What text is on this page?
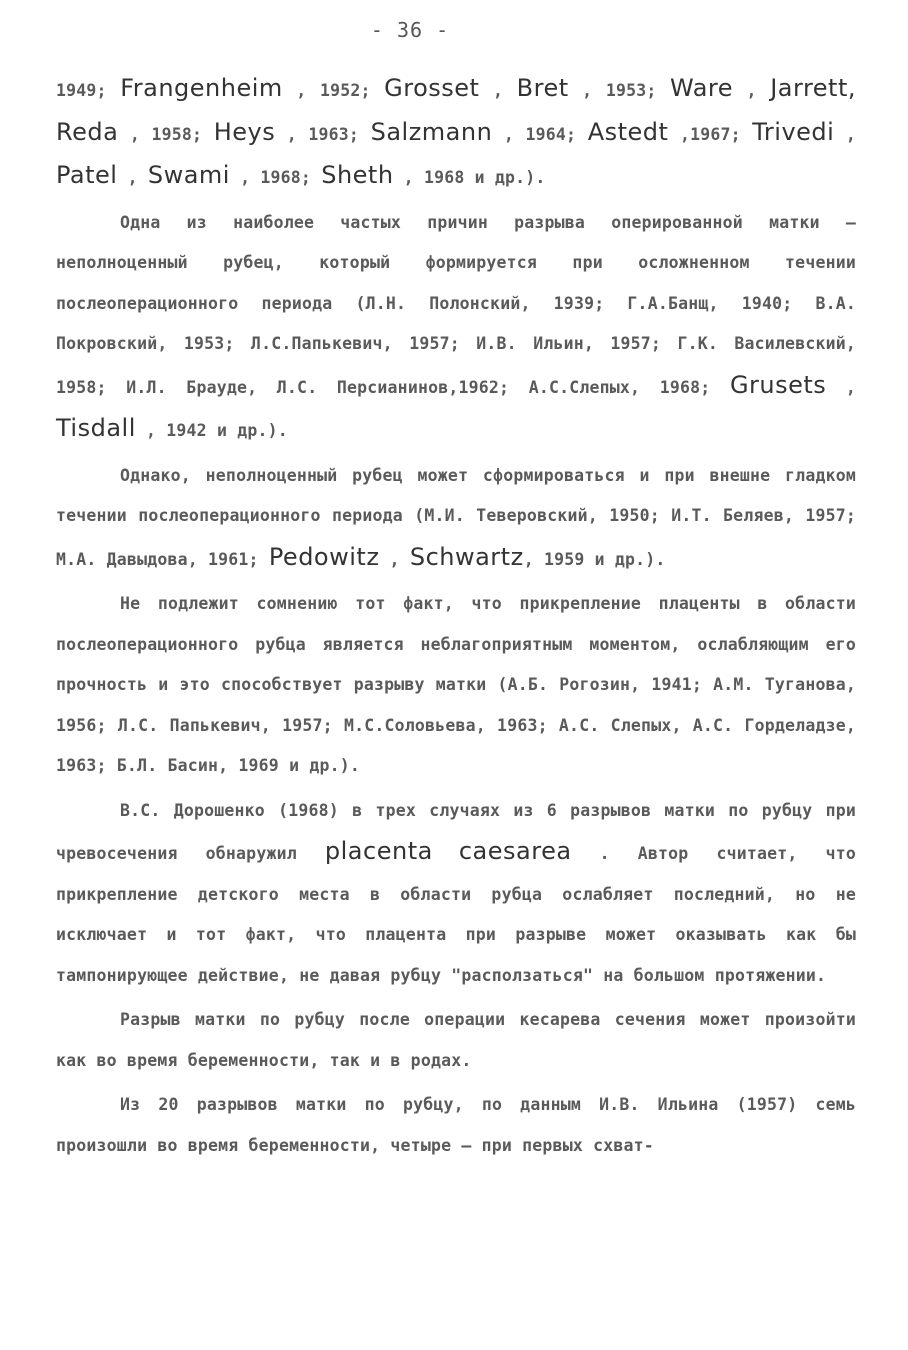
- 36 -

1949; Frangenheim , 1952; Grosset , Bret , 1953; Ware , Jarrett, Reda , 1958; Heys , 1963; Salzmann , 1964; Astedt ,1967; Trivedi , Patel , Swami , 1968; Sheth , 1968 и др.).

Одна из наиболее частых причин разрыва оперированной матки – неполноценный рубец, который формируется при осложненном течении послеоперационного периода (Л.Н. Полонский, 1939; Г.А.Банщ, 1940; В.А. Покровский, 1953; Л.С.Папькевич, 1957; И.В. Ильин, 1957; Г.К. Василевский, 1958; И.Л. Брауде, Л.С. Персианинов,1962; А.С.Слепых, 1968; Grusets , Tisdall , 1942 и др.).

Однако, неполноценный рубец может сформироваться и при внешне гладком течении послеоперационного периода (М.И. Теверовский, 1950; И.Т. Беляев, 1957; М.А. Давыдова, 1961; Pedowitz , Schwartz, 1959 и др.).

Не подлежит сомнению тот факт, что прикрепление плаценты в области послеоперационного рубца является неблагоприятным моментом, ослабляющим его прочность и это способствует разрыву матки (А.Б. Рогозин, 1941; А.М. Туганова, 1956; Л.С. Папькевич, 1957; М.С.Соловьева, 1963; А.С. Слепых, А.С. Горделадзе, 1963; Б.Л. Басин, 1969 и др.).

В.С. Дорошенко (1968) в трех случаях из 6 разрывов матки по рубцу при чревосечения обнаружил placenta caesarea . Автор считает, что прикрепление детского места в области рубца ослабляет последний, но не исключает и тот факт, что плацента при разрыве может оказывать как бы тампонирующее действие, не давая рубцу "расползаться" на большом протяжении.

Разрыв матки по рубцу после операции кесарева сечения может произойти как во время беременности, так и в родах.

Из 20 разрывов матки по рубцу, по данным И.В. Ильина (1957) семь произошли во время беременности, четыре – при первых схват-
